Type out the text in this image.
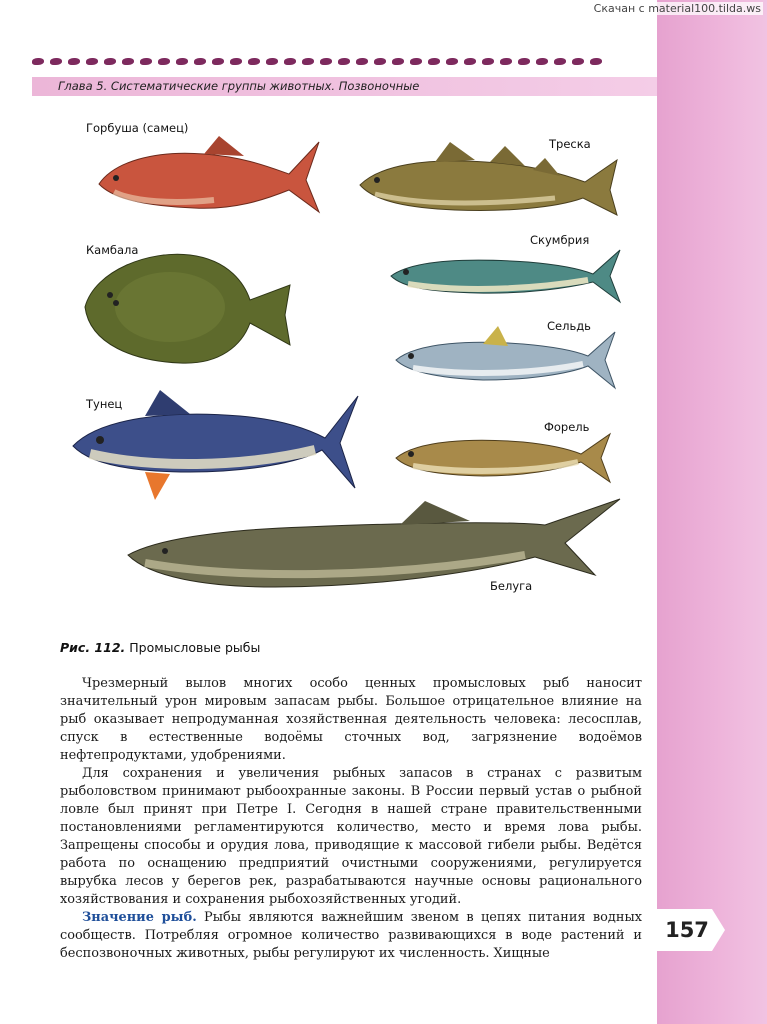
Скачан с material100.tilda.ws
Глава 5. Систематические группы животных. Позвоночные
Горбуша (самец)
Треска
Камбала
Скумбрия
Сельдь
Тунец
Форель
Белуга
Рис. 112. Промысловые рыбы

Чрезмерный вылов многих особо ценных промысловых рыб наносит значительный урон мировым запасам рыбы. Большое отрицательное влияние на рыб оказывает непродуманная хозяйственная деятельность человека: лесосплав, спуск в естественные водоёмы сточных вод, загрязнение водоёмов нефтепродуктами, удобрениями.

Для сохранения и увеличения рыбных запасов в странах с развитым рыболовством принимают рыбоохранные законы. В России первый устав о рыбной ловле был принят при Петре I. Сегодня в нашей стране правительственными постановлениями регламентируются количество, место и время лова рыбы. Запрещены способы и орудия лова, приводящие к массовой гибели рыбы. Ведётся работа по оснащению предприятий очистными сооружениями, регулируется вырубка лесов у берегов рек, разрабатываются научные основы рационального хозяйствования и сохранения рыбохозяйственных угодий.

Значение рыб. Рыбы являются важнейшим звеном в цепях питания водных сообществ. Потребляя огромное количество развивающихся в воде растений и беспозвоночных животных, рыбы регулируют их численность. Хищные

157
